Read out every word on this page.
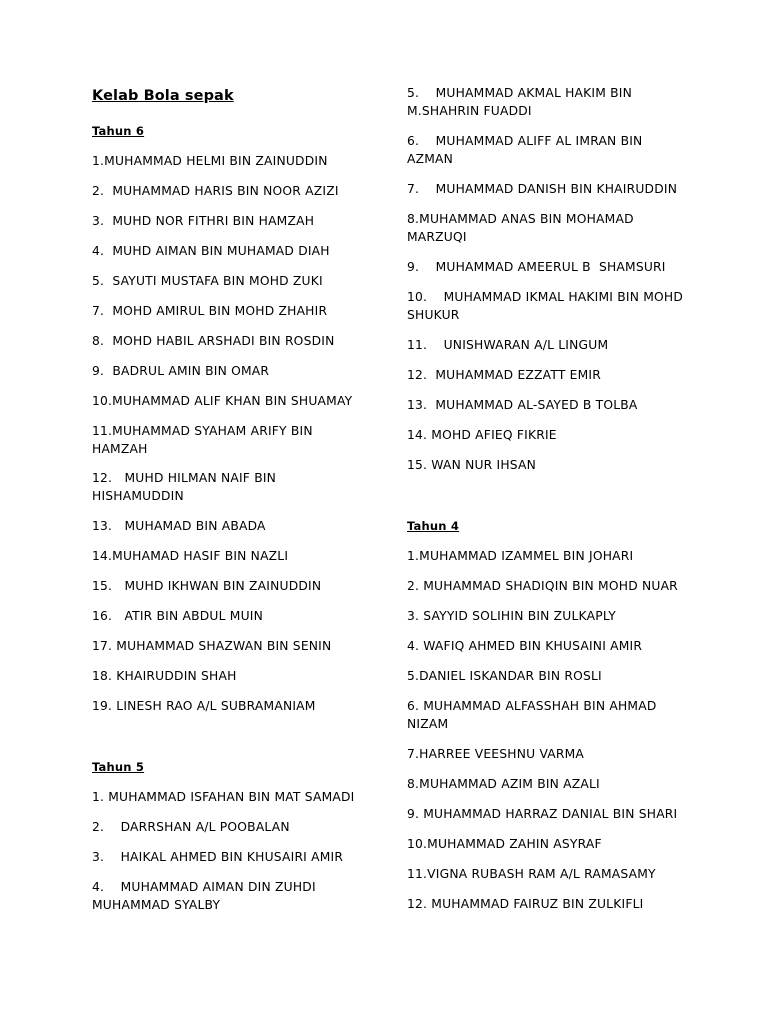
Kelab Bola sepak
Tahun 6
1.MUHAMMAD HELMI BIN ZAINUDDIN
2.  MUHAMMAD HARIS BIN NOOR AZIZI
3.  MUHD NOR FITHRI BIN HAMZAH
4.  MUHD AIMAN BIN MUHAMAD DIAH
5.  SAYUTI MUSTAFA BIN MOHD ZUKI
7.  MOHD AMIRUL BIN MOHD ZHAHIR
8.  MOHD HABIL ARSHADI BIN ROSDIN
9.  BADRUL AMIN BIN OMAR
10.MUHAMMAD ALIF KHAN BIN SHUAMAY
11.MUHAMMAD SYAHAM ARIFY BIN
HAMZAH
12.   MUHD HILMAN NAIF BIN
HISHAMUDDIN
13.   MUHAMAD BIN ABADA
14.MUHAMAD HASIF BIN NAZLI
15.   MUHD IKHWAN BIN ZAINUDDIN
16.   ATIR BIN ABDUL MUIN
17. MUHAMMAD SHAZWAN BIN SENIN
18. KHAIRUDDIN SHAH
19. LINESH RAO A/L SUBRAMANIAM
Tahun 5
1. MUHAMMAD ISFAHAN BIN MAT SAMADI
2.    DARRSHAN A/L POOBALAN
3.    HAIKAL AHMED BIN KHUSAIRI AMIR
4.    MUHAMMAD AIMAN DIN ZUHDI
MUHAMMAD SYALBY
5.    MUHAMMAD AKMAL HAKIM BIN
M.SHAHRIN FUADDI
6.    MUHAMMAD ALIFF AL IMRAN BIN
AZMAN
7.    MUHAMMAD DANISH BIN KHAIRUDDIN
8.MUHAMMAD ANAS BIN MOHAMAD
MARZUQI
9.    MUHAMMAD AMEERUL B  SHAMSURI
10.    MUHAMMAD IKMAL HAKIMI BIN MOHD
SHUKUR
11.    UNISHWARAN A/L LINGUM
12.  MUHAMMAD EZZATT EMIR
13.  MUHAMMAD AL-SAYED B TOLBA
14. MOHD AFIEQ FIKRIE
15. WAN NUR IHSAN
Tahun 4
1.MUHAMMAD IZAMMEL BIN JOHARI
2. MUHAMMAD SHADIQIN BIN MOHD NUAR
3. SAYYID SOLIHIN BIN ZULKAPLY
4. WAFIQ AHMED BIN KHUSAINI AMIR
5.DANIEL ISKANDAR BIN ROSLI
6. MUHAMMAD ALFASSHAH BIN AHMAD
NIZAM
7.HARREE VEESHNU VARMA
8.MUHAMMAD AZIM BIN AZALI
9. MUHAMMAD HARRAZ DANIAL BIN SHARI
10.MUHAMMAD ZAHIN ASYRAF
11.VIGNA RUBASH RAM A/L RAMASAMY
12. MUHAMMAD FAIRUZ BIN ZULKIFLI
